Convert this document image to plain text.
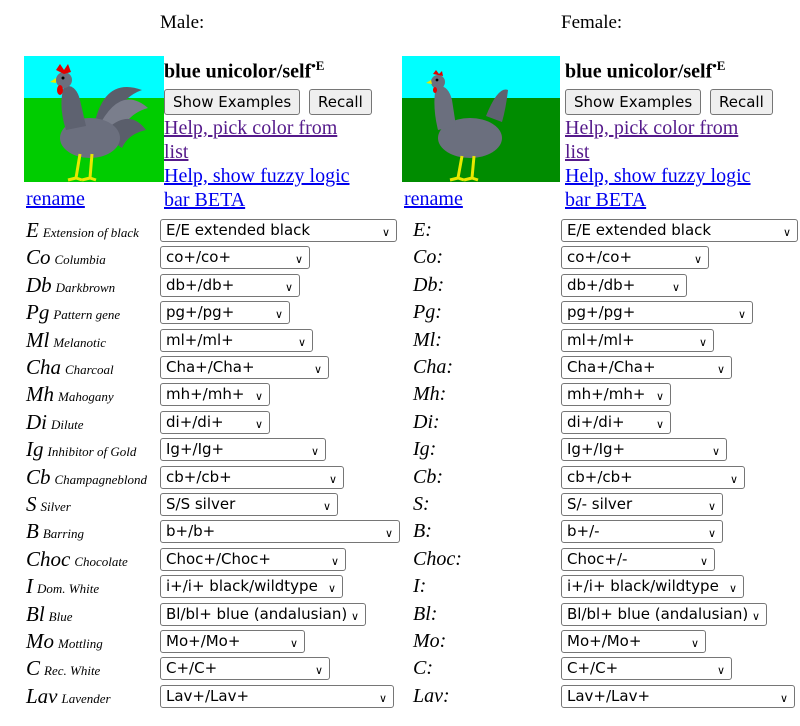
Male:	Female:
blue unicolor/self$^{•E}$
Show Examples	Recall
Help, pick color from
list
Help, show fuzzy logic
bar BETA
rename
blue unicolor/self$^{•E}$
Show Examples	Recall
Help, pick color from
list
Help, show fuzzy logic
bar BETA
rename
E Extension of black	E/E extended black	∨ E:	E/E extended black	∨
Co Columbia	co+/co+	∨	Co:	co+/co+	∨
Db Darkbrown	db+/db+	∨	Db:	db+/db+	∨
Pg Pattern gene	pg+/pg+	∨	Pg:	pg+/pg+	∨
Ml Melanotic	ml+/ml+	∨	Ml:	ml+/ml+	∨
Cha Charcoal	Cha+/Cha+	∨	Cha:	Cha+/Cha+	∨
Mh Mahogany	mh+/mh+ ∨	Mh:	mh+/mh+ ∨
Di Dilute	di+/di+	∨	Di:	di+/di+	∨
Ig Inhibitor of Gold	Ig+/Ig+	∨	Ig:	Ig+/Ig+	∨
Cb Champagneblond	cb+/cb+	∨	Cb:	cb+/cb+	∨
S Silver	S/S silver	∨	S:	S/- silver	∨
B Barring	b+/b+	∨ B:	b+/-	∨
Choc Chocolate	Choc+/Choc+	∨	Choc:	Choc+/-	∨
I Dom. White	i+/i+ black/wildtype ∨	I:	i+/i+ black/wildtype ∨
Bl Blue	Bl/bl+ blue (andalusian) ∨	Bl:	Bl/bl+ blue (andalusian) ∨
Mo Mottling	Mo+/Mo+	∨	Mo:	Mo+/Mo+	∨
C Rec. White	C+/C+	∨	C:	C+/C+	∨
Lav Lavender	Lav+/Lav+	∨ Lav:	Lav+/Lav+	∨
